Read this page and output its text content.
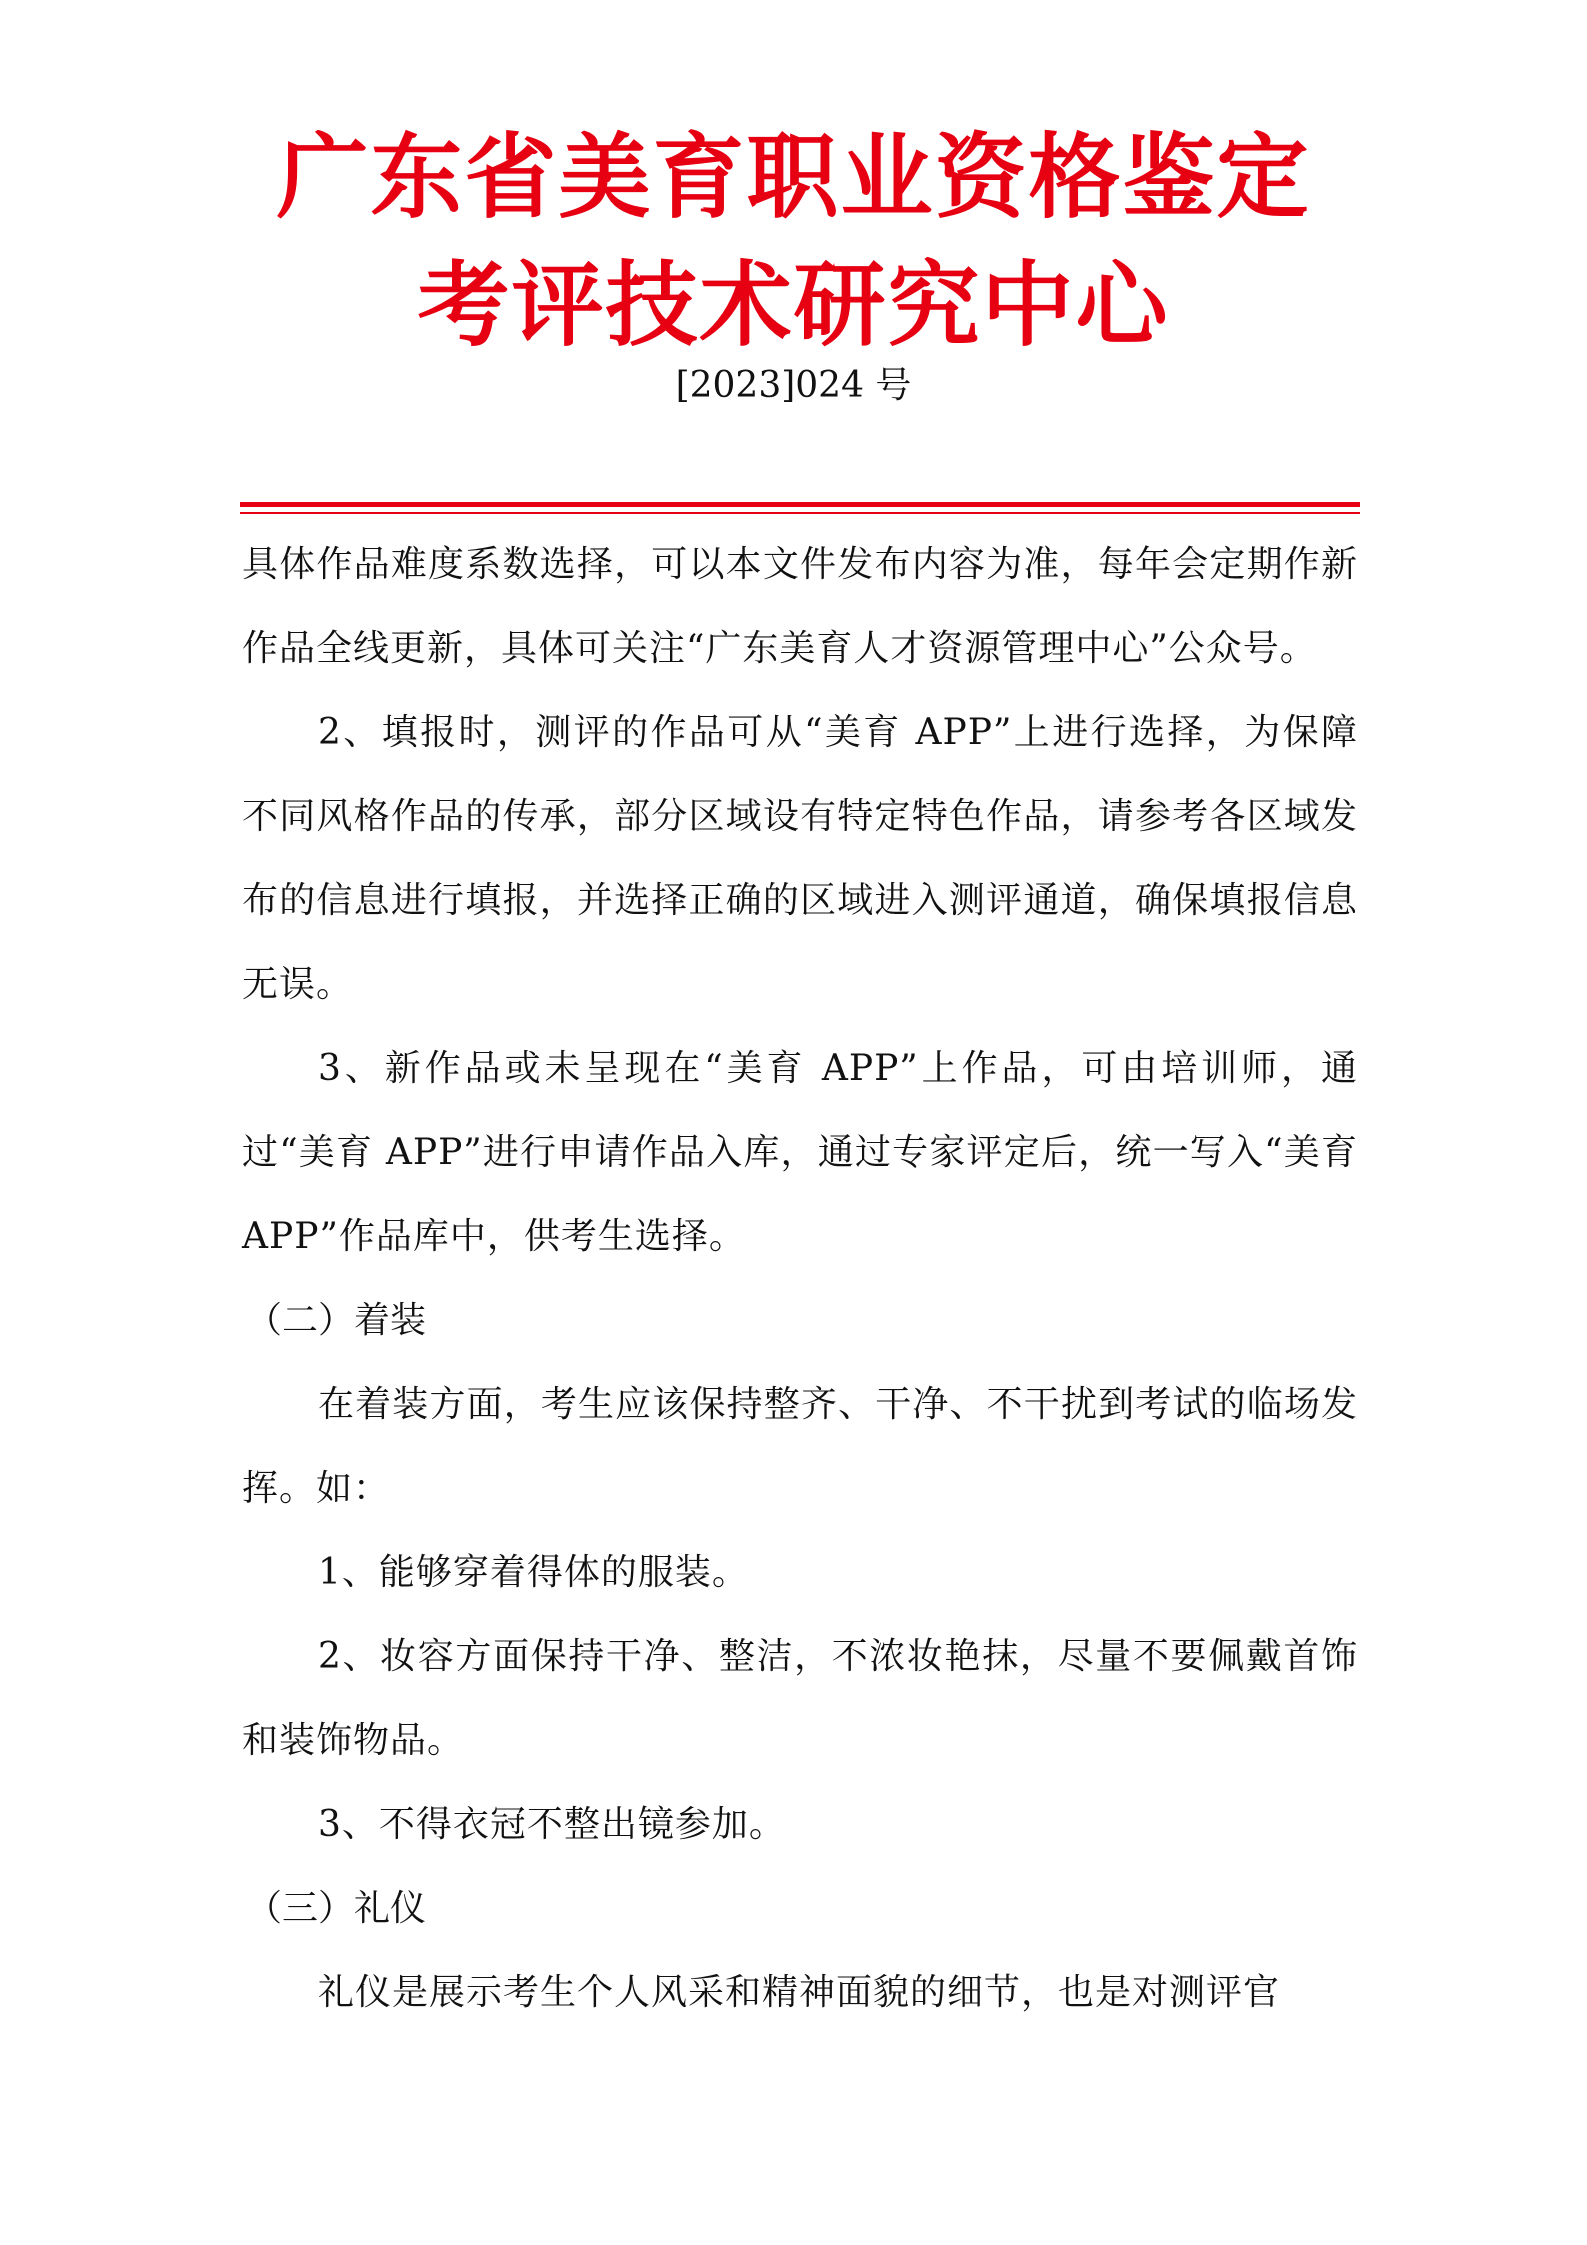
广东省美育职业资格鉴定
考评技术研究中心
[2023]024 号

具体作品难度系数选择，可以本文件发布内容为准，每年会定期作新作品全线更新，具体可关注“广东美育人才资源管理中心”公众号。

2、填报时，测评的作品可从“美育 APP”上进行选择，为保障不同风格作品的传承，部分区域设有特定特色作品，请参考各区域发布的信息进行填报，并选择正确的区域进入测评通道，确保填报信息无误。

3、新作品或未呈现在“美育 APP”上作品，可由培训师，通过“美育 APP”进行申请作品入库，通过专家评定后，统一写入“美育 APP”作品库中，供考生选择。

（二）着装

在着装方面，考生应该保持整齐、干净、不干扰到考试的临场发挥。如：

1、能够穿着得体的服装。

2、妆容方面保持干净、整洁，不浓妆艳抹，尽量不要佩戴首饰和装饰物品。

3、不得衣冠不整出镜参加。

（三）礼仪

礼仪是展示考生个人风采和精神面貌的细节，也是对测评官
